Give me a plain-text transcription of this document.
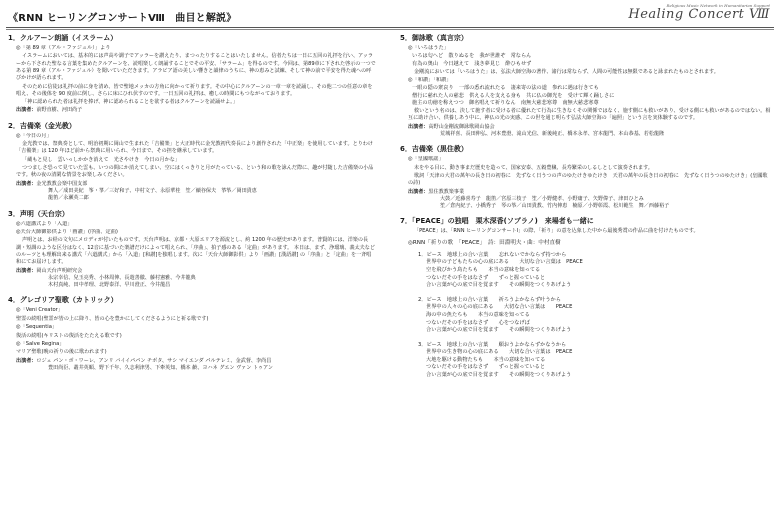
《RNN ヒーリングコンサートⅧ　曲目と解説》
Religious Music Network in Humanitarian Support
Healing Concert Ⅷ
1．クルアーン朗誦（イスラーム）
◎「第 89 章（アル・ファジュル）」より
イスラームにおいては、基本的には声高や調子でアッラーを讃えたり、まつったりすることはいたしません。信者たちは一日に五回の礼拝を行い、アッラーから下された聖なる言葉を集めたクルアーンを、読唱楽しく朗誦することでその平安、「サラーム」を得るのです。今回は、第89章に下された啓示の一つである第 89 章（アル・ファジュル）を聞いていただきます。アラビア語の美しい響きと韻律のうちに、神の恵みと試練、そして神の前で平安を得た魂への呼びかけが語られます。
そのために信徒は礼拝の前に身を清め、皆で聖地メッカの方角に向かって祈ります。その中心にクルアーンの一章一章を読誦し、その他二つの任意の章を唱え、その後体を 90 度前に倒し、さらに床にひれ伏すのです。一日五回の礼拝は、癒しの時間にもつながっております。
「神に認められた者は礼拝を捧げ、神に認められることを欲する者はクルアーンを読誦せよ。」
出演者：前野直樹、河田尚子
2．吉備楽（金光教）
◎「今日の月」
金光教では、祭典奏として、明治初期に岡山で生まれた「吉備楽」と大正時代に金光教初代奏長により創作された「中正楽」を使用しています。とりわけ「吉備楽」は 120 年ほど前から祭典に用いられ、今日まで、その担を継承しています。
「蔵もと見し　雲いっしかかき消えて　光さやけき　今日の月かな」
つつましさ恐って見ていた雲も、いつの間にか消えてしまい、空にはくっきりと月がたっている、という和の歌を詠んだ際に、趣が付随した吉備楽の小品です。秋の夜の清閑な情景をお楽しみください。
出演者：金光教教会楽中国支部
舞人／成田美紀　筝・箏／三好和子、中村文子、永原華桂　笙／續谷保夫　箏筝／岡田貴恵
龍笛／永瀬英二郎
3．声明（天台宗）
◎六道講式より「入道」
◎天台大師御影供より「画讃」(序曲、定曲)
声明とは、お経の文句にメロディが付いたものです。天台声明は、京都・大原エリアを源流とし、約 1200 年の歴史があります。普賢的には、洋楽の長調・短調のような区分はなく、12音に基づいた楽譜だけによって唱えられ、「序曲」、拍子感のある「定曲」があります。 本日は、まず、浄瑠璃、義太夫などのルーツとも理解出来る講式「六道講式」から「入道」[和讃]を独唱します。次に「天台大師御影供」より「画讃」[漢語讃] の「序曲」と「定曲」を一斉唱和にてお届けします。
出演者：岡山天台声明研究会
永宗幸信、兒玉亮秀、小林周伸、長遊善徹、藤村憲雅、今井龍典
木村真純、田中孝理、北野泰洋、早川澄正、今井龍昌
4．グレゴリア聖歌（カトリック）
◎「Veni Creator」
聖霊の続唱(聖霊が皆の上に降り、皆の心を豊かにしてくださるようにと祈る歌です)
◎「Sequentia」
復活の続唱(キリストの復活をたたえる歌です)
◎「Salve Regina」
マリア聖歌(晩の祈りの後に歌われます)
出演者：ロジェ パン・ボ・ワーレ、アンリ バイイパパン チボタ、サシ マイエンダ パルテレミ、金武督、李尚昌
豊田尚臣、叢井英順、野下千年、久志利津男、下牽英知、橋本 齢、ヨハネ グエン ヴァン トゥアン
5．御詠歌（真言宗）
◎「いろはうた」
いろは匂へど　散りぬるを　我が世誰ぞ　常ならん
有為の奥山　今日越えて　浅き夢見じ　酔ひもせず
金剛流においては「いろはうた」は、弘法大師空海の著作、諸行は常ならず、人間の可能性は無限であると詠まれたものとされます。
◎「和讃」「和讃」
一眼の隠の衆哀り　一部の悉れ流れたる　凄来寄の法の道　参れに遇は行きても
僧行に慈れた人の慈悲　供える人を支える身も　共に仏の御光を　受けて輝く踊しさに
施主の功徳を称えつつ　御名唱えて祈りなん　南無大慈悲寒尊　南無大慈悲寒尊
救いという名のは、決して施す者に受ける者に優れたて行為に生きなくその関係ではなく、施す側にも救いがあり、受ける側にも救いがあるのではない。相互に助け合い、供養しあう中に、神仏の光の実感、この世を通じ明らす弘法大師空海の「遍照」という言を実体験するのです。
出演者：高野山金剛流御詠歌岡山協会
荒城祥喜、長田伸弘、河本豊澄、滝山光信、新後純正、橋本永孝、宮本龍門、本山恭基、若松龍隆
6．吉備楽（黒住教）
◎「皇國歌謡」
未をやる目に、動き事まだ歴史を造って、国家安泰、五穀豊穣、長寿繁栄のしるしとして演奏されます。
歌詞「天津の大君の萬年の長き日の初春に　先ずなく日うつの声のゆたけきゆたけき　天君の萬年の長き日の初春に　先ずなく日うつのゆたけき」(皇國歌の詩)
出演者：黒住教教楽事業
大鼓／近藤喜寿子　龍笛／宮原三枝子　笙／小野健孝、小野庸子、矢野偉子、津田ひとみ
笙／倉内紀子、小橋秀子　琴の筝／山田貴教、竹内伸恵　楠原／小野彰霞、松川範生　舞／西藤裕子
7．「PEACE」の独唱　栗木深香(ソプラノ)　来場者も一緒に
「PEACE」は、「RNN ヒーリングコンサートⅠ」の際、「祈り」の意を込象した中から最後秀賞の作品に曲を付けたものです。
◎RNN「祈りの歌　「PEACE」　詩：田淵明夫・曲：中村直樹
1．ピース　地球上の合い言葉　　忘れないでかならず持つから
世界中の子どもたちの心の底にある　　大切な合い言葉は　PEACE
空を飛びかう鳥たちも　　本当の意味を知ってる
つないだその手をはなさず　　ずっと握っていると
合い言葉が心の底で目を覚ます　　その瞬間をつくりあげよう
2．ピース　地球上の合い言葉　　祈ろうよかならず叶うから
世界中の人々の心の底にある　　大切な合い言葉は　　PEACE
海の中の魚たちも　　本当の意味を知ってる
つないだその手をはなさず　　心をつなげば
合い言葉が心の底で目を覚ます　　その瞬間をつくりあげよう
3．ピース　地球上の合い言葉　　願おうよかならずかなうから
世界中の生き物の心の底にある　　大切な合い言葉は　PEACE
大地を駆ける動物たちも　　本当の意味を知ってる
つないだその手をはなさず　　ずっと握っていると
合い言葉が心の底で目を覚ます　　その瞬間をつくりあげよう
